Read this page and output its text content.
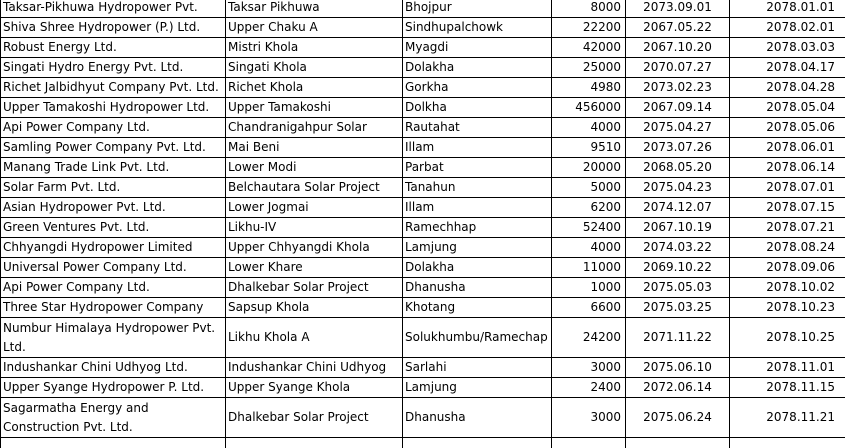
Taksar-Pikhuwa Hydropower Pvt.	Taksar Pikhuwa	Bhojpur	8000	2073.09.01	2078.01.01
Shiva Shree Hydropower (P.) Ltd.	Upper Chaku A	Sindhupalchowk	22200	2067.05.22	2078.02.01
Robust Energy Ltd.	Mistri Khola	Myagdi	42000	2067.10.20	2078.03.03
Singati Hydro Energy Pvt. Ltd.	Singati Khola	Dolakha	25000	2070.07.27	2078.04.17
Richet Jalbidhyut Company Pvt. Ltd.	Richet Khola	Gorkha	4980	2073.02.23	2078.04.28
Upper Tamakoshi Hydropower Ltd.	Upper Tamakoshi	Dolkha	456000	2067.09.14	2078.05.04
Api Power Company Ltd.	Chandranigahpur Solar	Rautahat	4000	2075.04.27	2078.05.06
Samling Power Company Pvt. Ltd.	Mai Beni	Illam	9510	2073.07.26	2078.06.01
Manang Trade Link Pvt. Ltd.	Lower Modi	Parbat	20000	2068.05.20	2078.06.14
Solar Farm Pvt. Ltd.	Belchautara Solar Project	Tanahun	5000	2075.04.23	2078.07.01
Asian Hydropower Pvt. Ltd.	Lower Jogmai	Illam	6200	2074.12.07	2078.07.15
Green Ventures Pvt. Ltd.	Likhu-IV	Ramechhap	52400	2067.10.19	2078.07.21
Chhyangdi Hydropower Limited	Upper Chhyangdi Khola	Lamjung	4000	2074.03.22	2078.08.24
Universal Power Company Ltd.	Lower Khare	Dolakha	11000	2069.10.22	2078.09.06
Api Power Company Ltd.	Dhalkebar Solar Project	Dhanusha	1000	2075.05.03	2078.10.02
Three Star Hydropower Company	Sapsup Khola	Khotang	6600	2075.03.25	2078.10.23
Numbur Himalaya Hydropower Pvt. Ltd.	Likhu Khola A	Solukhumbu/Ramechap	24200	2071.11.22	2078.10.25
Indushankar Chini Udhyog Ltd.	Indushankar Chini Udhyog	Sarlahi	3000	2075.06.10	2078.11.01
Upper Syange Hydropower P. Ltd.	Upper Syange Khola	Lamjung	2400	2072.06.14	2078.11.15
Sagarmatha Energy and Construction Pvt. Ltd.	Dhalkebar Solar Project	Dhanusha	3000	2075.06.24	2078.11.21
